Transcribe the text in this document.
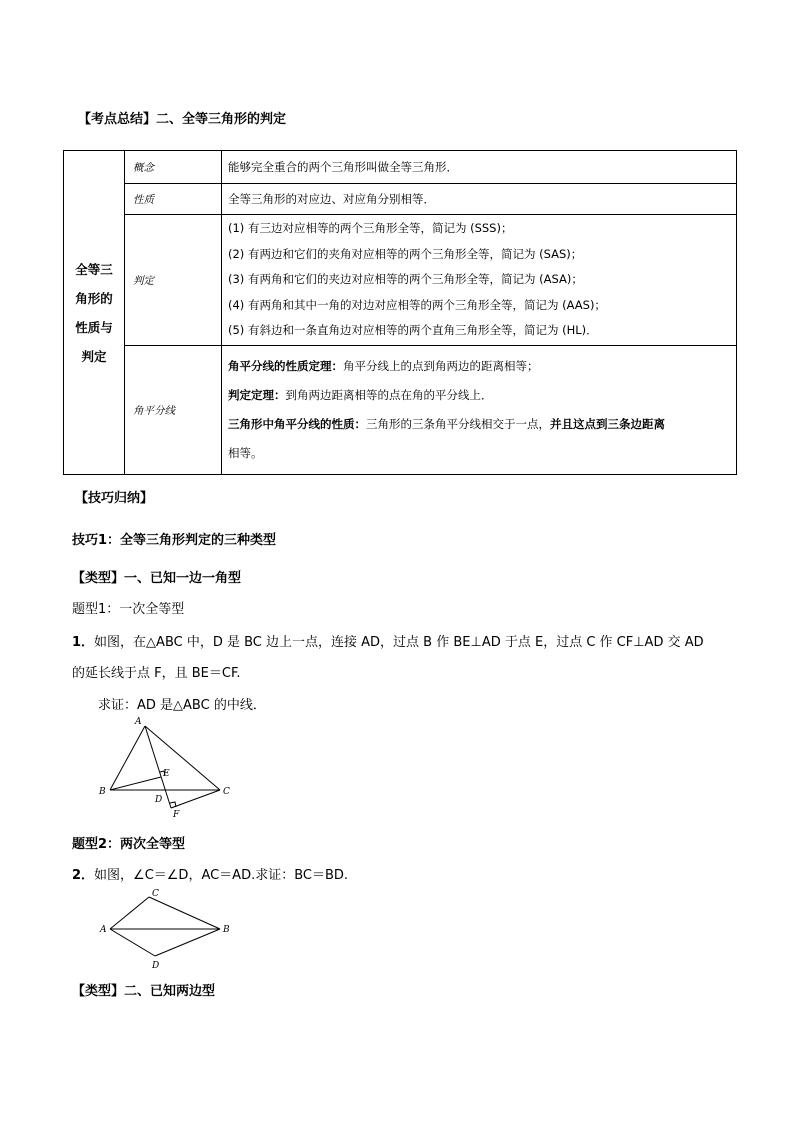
【考点总结】二、全等三角形的判定
全等三
角形的
性质与
判定	概念	能够完全重合的两个三角形叫做全等三角形．
	性质	全等三角形的对应边、对应角分别相等．
	判定	(1) 有三边对应相等的两个三角形全等，简记为 (SSS)；
(2) 有两边和它们的夹角对应相等的两个三角形全等，简记为 (SAS)；
(3) 有两角和它们的夹边对应相等的两个三角形全等，简记为 (ASA)；
(4) 有两角和其中一角的对边对应相等的两个三角形全等，简记为 (AAS)；
(5) 有斜边和一条直角边对应相等的两个直角三角形全等，简记为 (HL)．

	角平分线	角平分线的性质定理：角平分线上的点到角两边的距离相等；
判定定理：到角两边距离相等的点在角的平分线上．
三角形中角平分线的性质：三角形的三条角平分线相交于一点，并且这点到三条边距离
相等。
【技巧归纳】
技巧1：全等三角形判定的三种类型
【类型】一、已知一边一角型
题型1：一次全等型
1．如图，在△ABC 中，D 是 BC 边上一点，连接 AD，过点 B 作 BE⊥AD 于点 E，过点 C 作 CF⊥AD 交 AD
的延长线于点 F，且 BE＝CF.
求证：AD 是△ABC 的中线．
A
B	C
D
E
F
题型2：两次全等型
2．如图，∠C＝∠D，AC＝AD.求证：BC＝BD.
C
A	B
D
【类型】二、已知两边型
